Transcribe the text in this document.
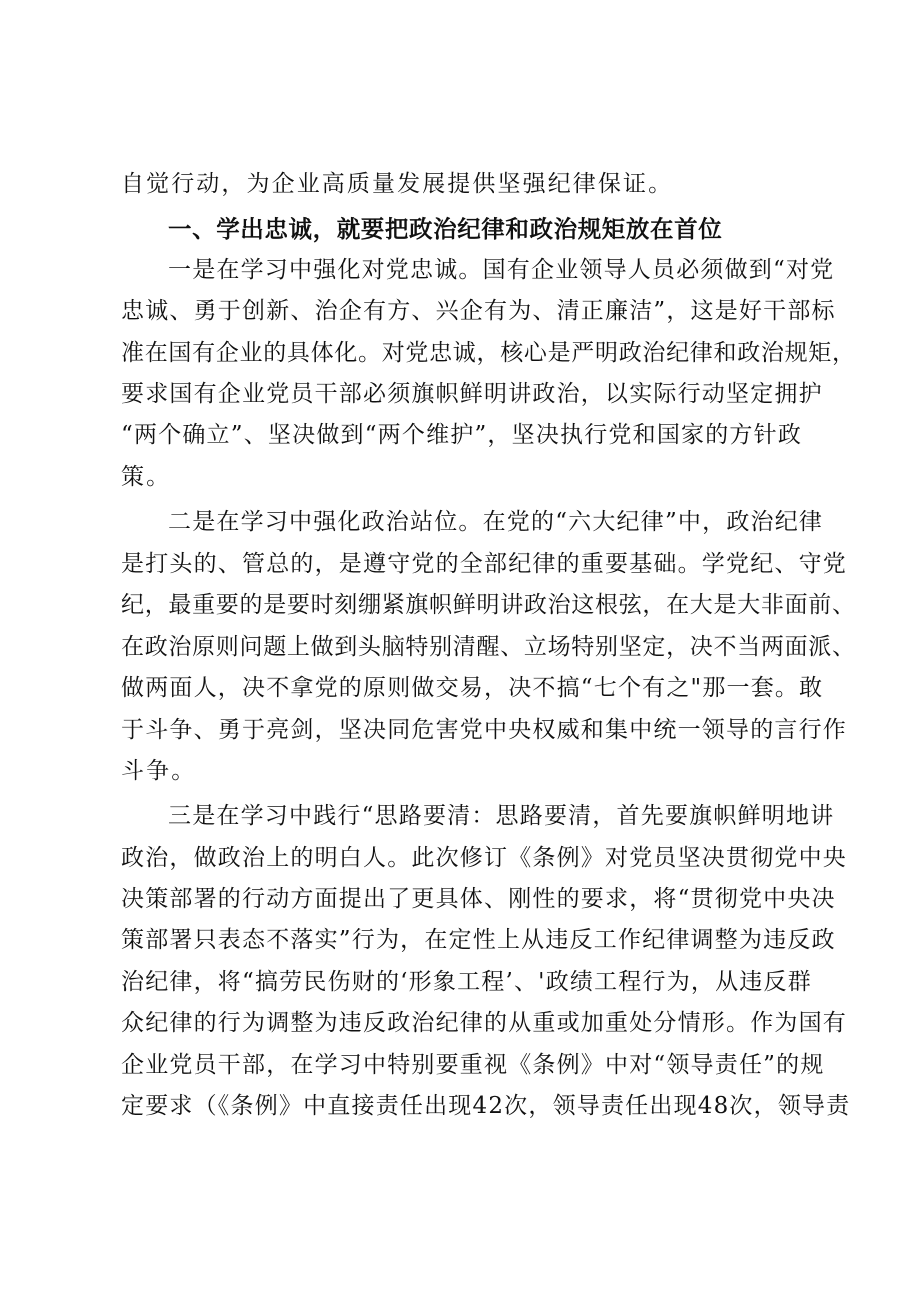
自觉行动，为企业高质量发展提供坚强纪律保证。
一、学出忠诚，就要把政治纪律和政治规矩放在首位
一是在学习中强化对党忠诚。国有企业领导人员必须做到“对党
忠诚、勇于创新、治企有方、兴企有为、清正廉洁”，这是好干部标
准在国有企业的具体化。对党忠诚，核心是严明政治纪律和政治规矩，
要求国有企业党员干部必须旗帜鲜明讲政治，以实际行动坚定拥护
“两个确立”、坚决做到“两个维护”，坚决执行党和国家的方针政
策。
二是在学习中强化政治站位。在党的“六大纪律”中，政治纪律
是打头的、管总的，是遵守党的全部纪律的重要基础。学党纪、守党
纪，最重要的是要时刻绷紧旗帜鲜明讲政治这根弦，在大是大非面前、
在政治原则问题上做到头脑特别清醒、立场特别坚定，决不当两面派、
做两面人，决不拿党的原则做交易，决不搞“七个有之"那一套。敢
于斗争、勇于亮剑，坚决同危害党中央权威和集中统一领导的言行作
斗争。
三是在学习中践行“思路要清：思路要清，首先要旗帜鲜明地讲
政治，做政治上的明白人。此次修订《条例》对党员坚决贯彻党中央
决策部署的行动方面提出了更具体、刚性的要求，将“贯彻党中央决
策部署只表态不落实”行为，在定性上从违反工作纪律调整为违反政
治纪律，将“搞劳民伤财的‘形象工程’、'政绩工程行为，从违反群
众纪律的行为调整为违反政治纪律的从重或加重处分情形。作为国有
企业党员干部，在学习中特别要重视《条例》中对“领导责任”的规
定要求（《条例》中直接责任出现42次，领导责任出现48次，领导责
